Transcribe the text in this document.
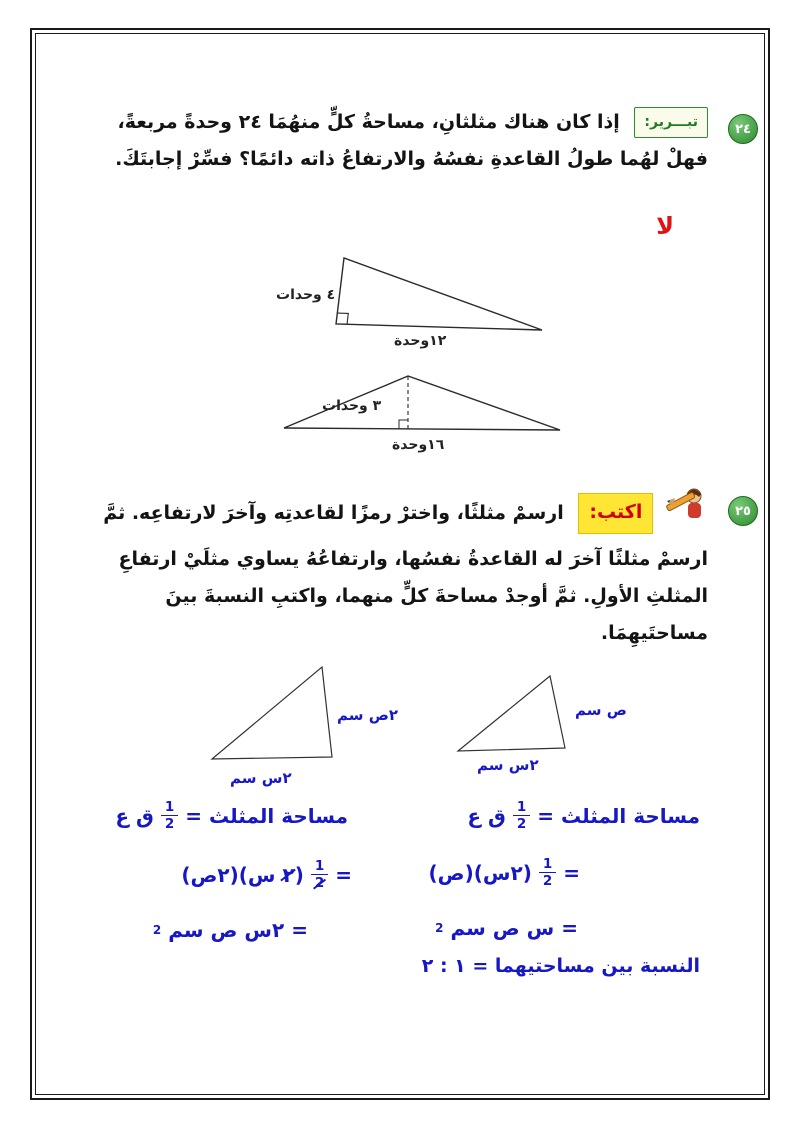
٢٤
تبـــرير: إذا كان هناك مثلثانِ، مساحةُ كلٍّ منهُمَا ٢٤ وحدةً مربعةً، فهلْ لهُما طولُ القاعدةِ نفسُهُ والارتفاعُ ذاته دائمًا؟ فسِّرْ إجابتَكَ.
لا
٤ وحدات
١٢وحدة
٣ وحدات
١٦وحدة
٢٥
اكتب: ارسمْ مثلثًا، واخترْ رمزًا لقاعدتِه وآخرَ لارتفاعِه. ثمَّ ارسمْ مثلثًا آخرَ له القاعدةُ نفسُها، وارتفاعُهُ يساوي مثلَيْ ارتفاعِ المثلثِ الأولِ. ثمَّ أوجدْ مساحةَ كلٍّ منهما، واكتبِ النسبةَ بينَ مساحتَيهِمَا.
ص سم
٢س سم
٢ص سم
٢س سم
مساحة المثلث =
$\frac{1}{2}$
ق ع
=
$\frac{1}{2}$
(٢س)(ص)
=
س ص سم
2
مساحة المثلث =
$\frac{1}{2}$
ق ع
=
$\frac{1}{2}$
(٢ س)(٢ص)
=
٢س ص سم
2
النسبة بين مساحتيهما = ١ : ٢
